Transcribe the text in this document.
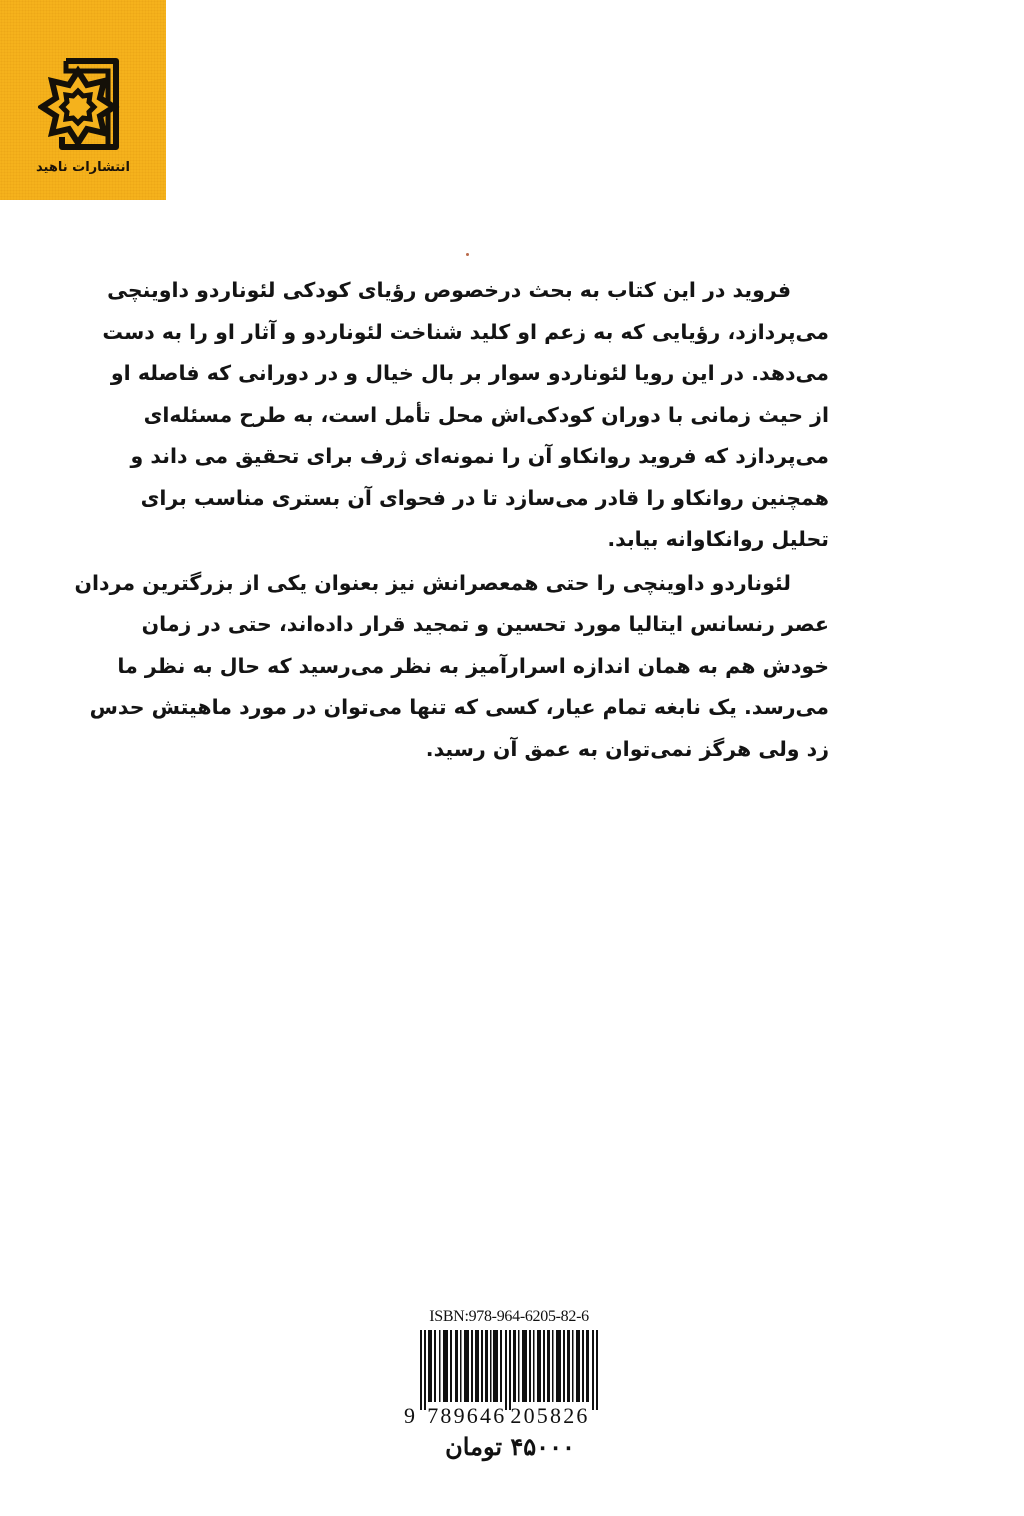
انتشارات ناهید
فروید در این کتاب به بحث درخصوص رؤیای کودکی لئوناردو داوینچی
می‌پردازد، رؤیایی که به زعم او کلید شناخت لئوناردو و آثار او را به دست
می‌دهد. در این رویا لئوناردو سوار بر بال خیال و در دورانی که فاصله او
از حیث زمانی با دوران کودکی‌اش محل تأمل است، به طرح مسئله‌ای
می‌پردازد که فروید روانکاو آن را نمونه‌ای ژرف برای تحقیق می داند و
همچنین روانکاو را قادر می‌سازد تا در فحوای آن بستری مناسب برای
تحلیل روانکاوانه بیابد.
لئوناردو داوینچی را حتی همعصرانش نیز بعنوان یکی از بزرگترین مردان
عصر رنسانس ایتالیا مورد تحسین و تمجید قرار داده‌اند، حتی در زمان
خودش هم به همان اندازه اسرارآمیز به نظر می‌رسید که حال به نظر ما
می‌رسد. یک نابغه تمام عیار، کسی که تنها می‌توان در مورد ماهیتش حدس
زد ولی هرگز نمی‌توان به عمق آن رسید.
ISBN:978-964-6205-82-6
9 789646 205826
۴۵۰۰۰ تومان
